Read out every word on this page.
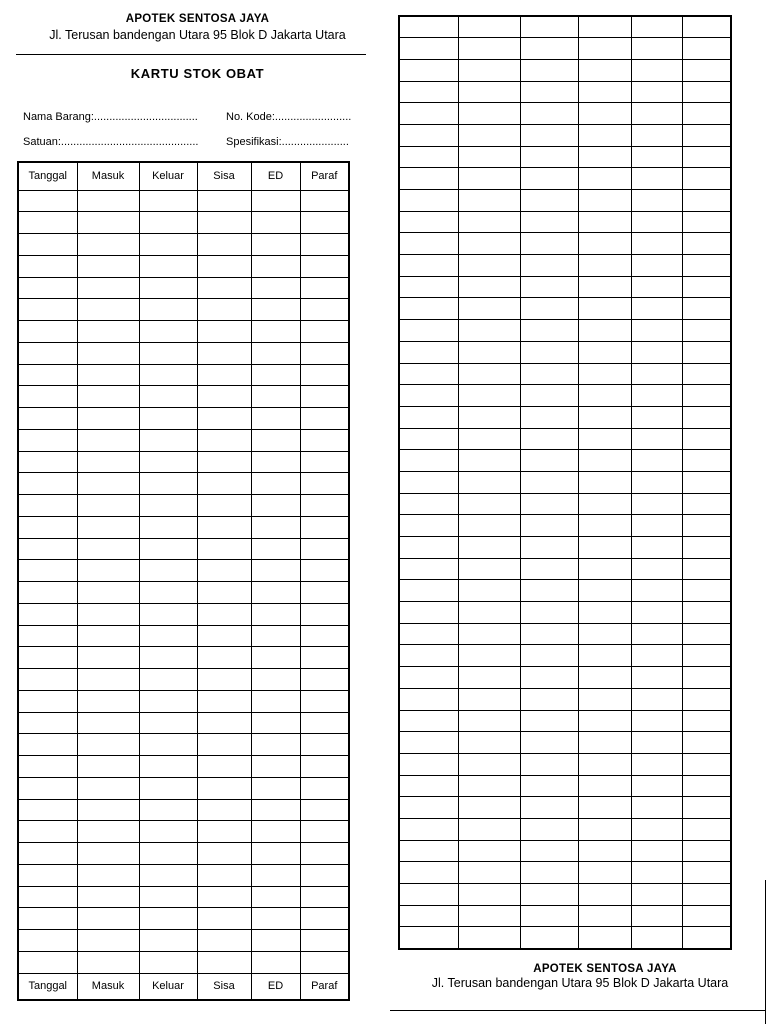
APOTEK SENTOSA JAYA
Jl. Terusan bandengan Utara 95 Blok D Jakarta Utara
KARTU STOK OBAT
Nama Barang:..................................	No. Kode:.........................
Satuan:.............................................	Spesifikasi:......................
Tanggal	Masuk	Keluar	Sisa	ED	Paraf

Tanggal	Masuk	Keluar	Sisa	ED	Paraf

APOTEK SENTOSA JAYA
Jl. Terusan bandengan Utara 95 Blok D Jakarta Utara
